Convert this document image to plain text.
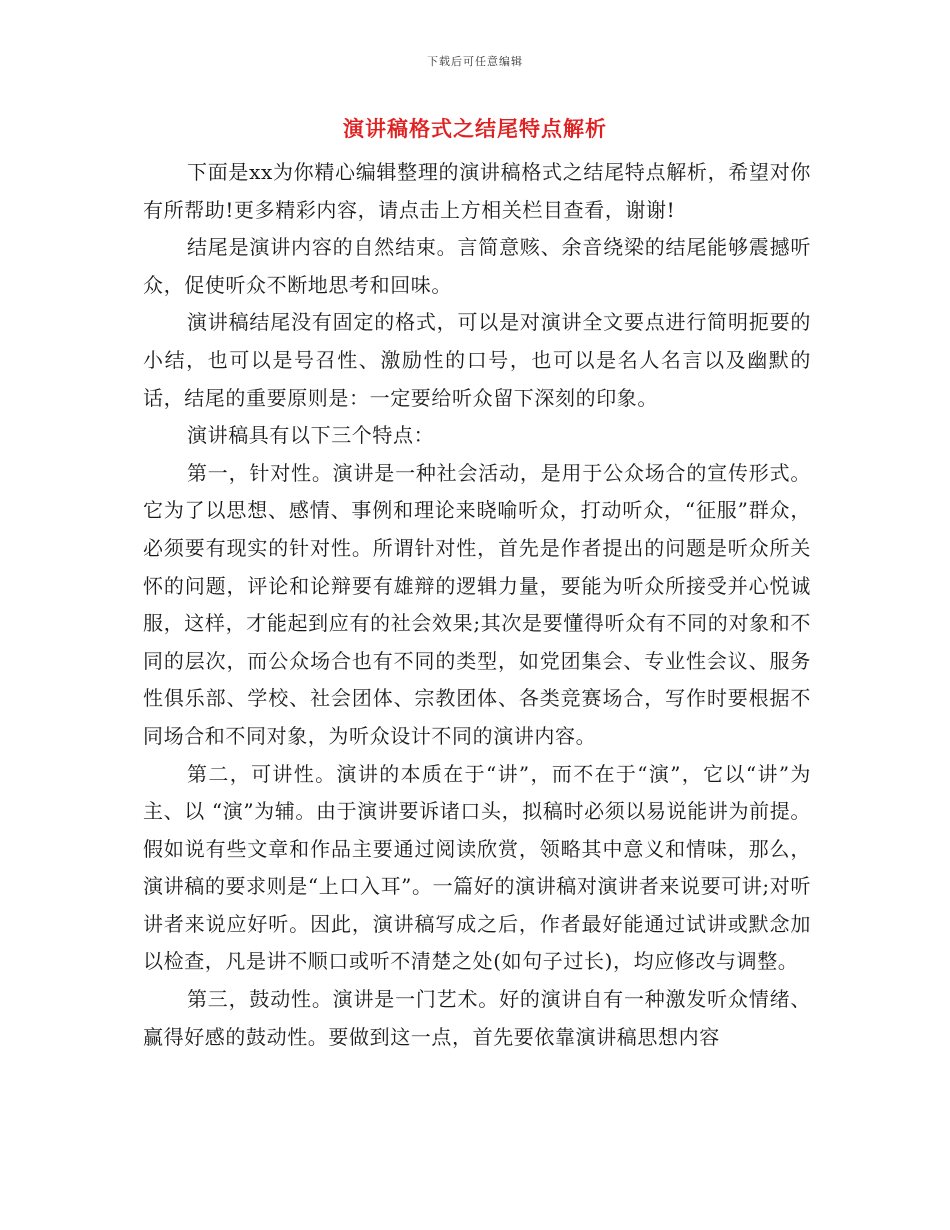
下载后可任意编辑
演讲稿格式之结尾特点解析

下面是xx为你精心编辑整理的演讲稿格式之结尾特点解析，希望对你有所帮助!更多精彩内容，请点击上方相关栏目查看，谢谢!

结尾是演讲内容的自然结束。言简意赅、余音绕梁的结尾能够震撼听众，促使听众不断地思考和回味。

演讲稿结尾没有固定的格式，可以是对演讲全文要点进行简明扼要的小结，也可以是号召性、激励性的口号，也可以是名人名言以及幽默的话，结尾的重要原则是：一定要给听众留下深刻的印象。

演讲稿具有以下三个特点：

第一，针对性。演讲是一种社会活动，是用于公众场合的宣传形式。它为了以思想、感情、事例和理论来晓喻听众，打动听众，“征服”群众，必须要有现实的针对性。所谓针对性，首先是作者提出的问题是听众所关怀的问题，评论和论辩要有雄辩的逻辑力量，要能为听众所接受并心悦诚服，这样，才能起到应有的社会效果;其次是要懂得听众有不同的对象和不同的层次，而公众场合也有不同的类型，如党团集会、专业性会议、服务性俱乐部、学校、社会团体、宗教团体、各类竞赛场合，写作时要根据不同场合和不同对象，为听众设计不同的演讲内容。

第二，可讲性。演讲的本质在于“讲”，而不在于“演”，它以“讲”为主、以 “演”为辅。由于演讲要诉诸口头，拟稿时必须以易说能讲为前提。假如说有些文章和作品主要通过阅读欣赏，领略其中意义和情味，那么，演讲稿的要求则是“上口入耳”。一篇好的演讲稿对演讲者来说要可讲;对听讲者来说应好听。因此，演讲稿写成之后，作者最好能通过试讲或默念加以检查，凡是讲不顺口或听不清楚之处(如句子过长)，均应修改与调整。

第三，鼓动性。演讲是一门艺术。好的演讲自有一种激发听众情绪、赢得好感的鼓动性。要做到这一点，首先要依靠演讲稿思想内容
